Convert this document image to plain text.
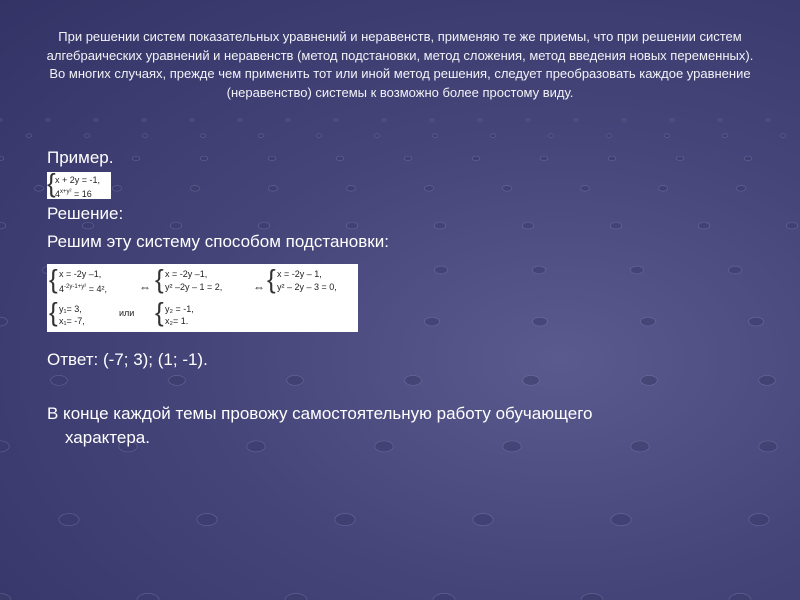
При решении систем показательных уравнений и неравенств, применяю те же приемы, что при решении систем алгебраических уравнений и неравенств (метод подстановки, метод сложения, метод введения новых переменных). Во многих случаях, прежде чем применить тот или иной метод решения, следует преобразовать каждое уравнение (неравенство) системы к возможно более простому виду.
Пример.
{ x + 2y = -1,
$4^{x+y^2} = 16$
Решение:
Решим эту систему способом подстановки:
{ x = -2y –1,
$4^{-2y-1+y^2} = 4^2$,	⇔ { x = -2y –1,
y² –2y – 1 = 2,	⇔ { x = -2y – 1,
y² – 2y – 3 = 0,
{ y₁= 3,
x₁= -7,
или { y₂ = -1,
x₂= 1.
Ответ: (-7; 3); (1; -1).
В конце каждой темы провожу самостоятельную работу обучающего
характера.
